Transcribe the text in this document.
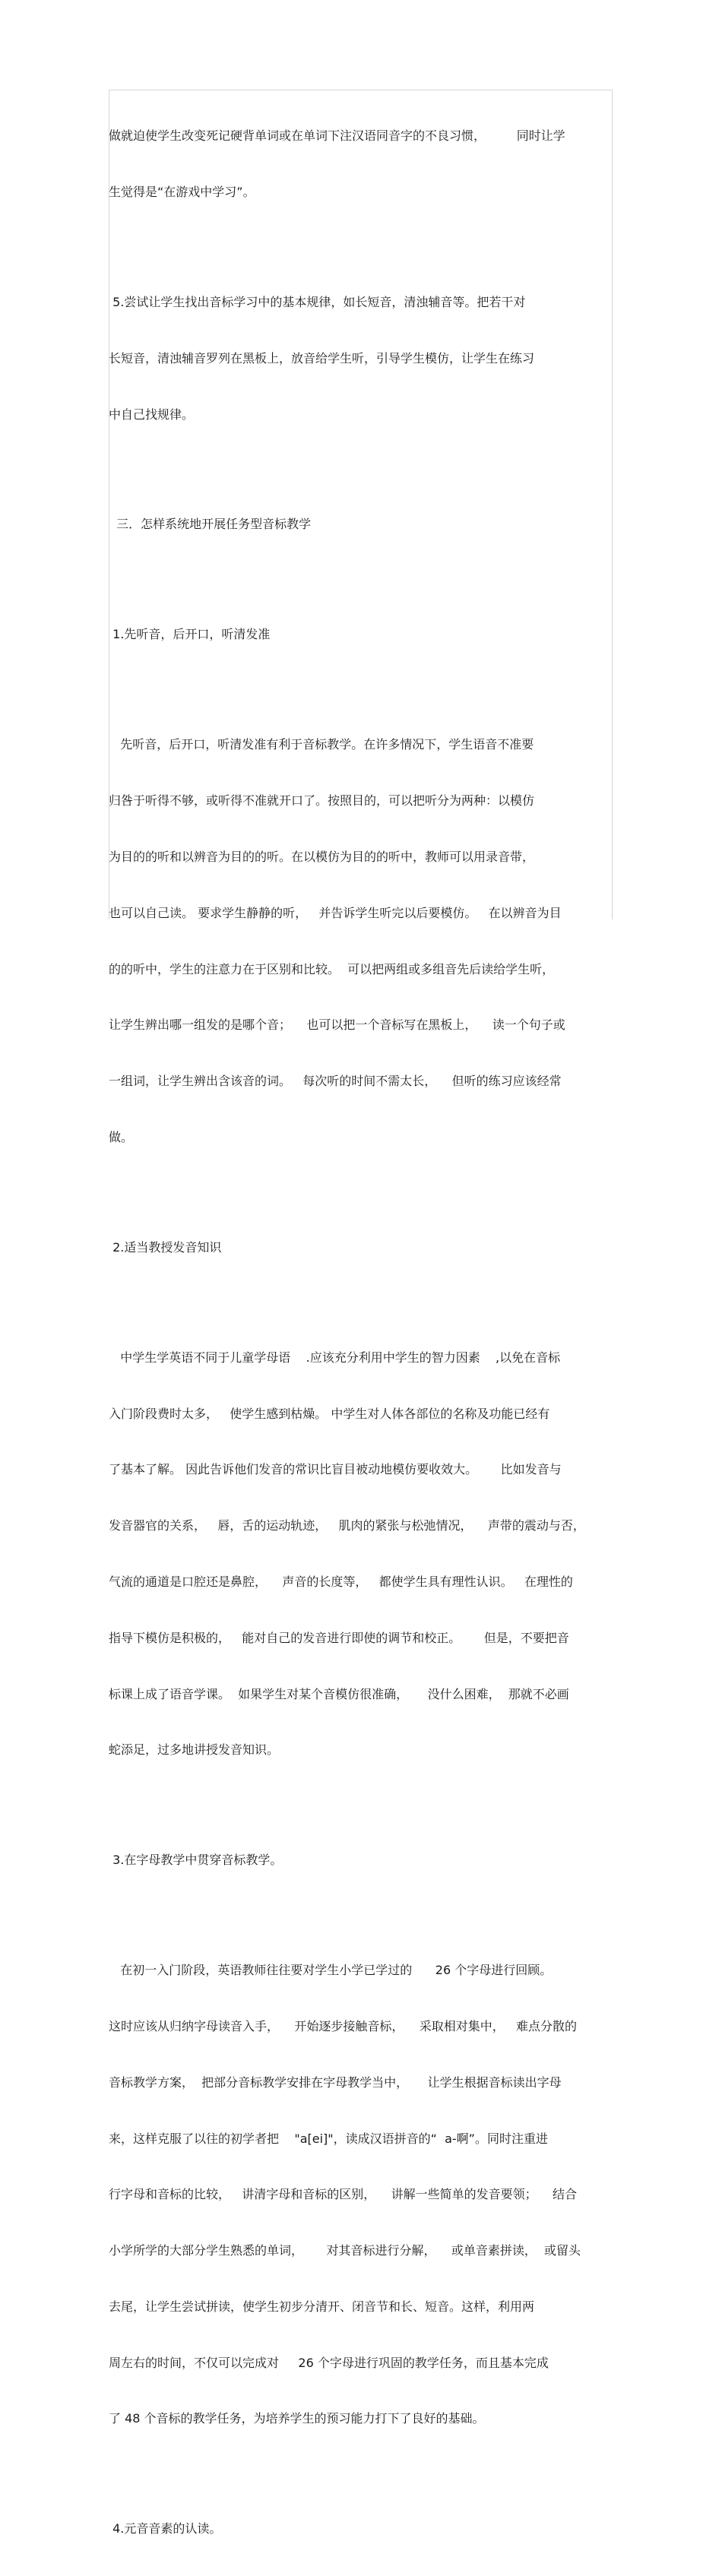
做就迫使学生改变死记硬背单词或在单词下注汉语同音字的不良习惯，        同时让学

生觉得是“在游戏中学习”。

5.尝试让学生找出音标学习中的基本规律，如长短音，清浊辅音等。把若干对

长短音，清浊辅音罗列在黑板上，放音给学生听，引导学生模仿，让学生在练习

中自己找规律。

三．怎样系统地开展任务型音标教学

1.先听音，后开口，听清发准

先听音，后开口，听清发准有利于音标教学。在许多情况下，学生语音不准要

归咎于听得不够，或听得不准就开口了。按照目的，可以把听分为两种：以模仿

为目的的听和以辨音为目的的听。在以模仿为目的的听中，教师可以用录音带，

也可以自己读。 要求学生静静的听，   并告诉学生听完以后要模仿。   在以辨音为目

的的听中，学生的注意力在于区别和比较。  可以把两组或多组音先后读给学生听，

让学生辨出哪一组发的是哪个音；    也可以把一个音标写在黑板上，    读一个句子或

一组词，让学生辨出含该音的词。   每次听的时间不需太长，    但听的练习应该经常

做。

2.适当教授发音知识

中学生学英语不同于儿童学母语    .应该充分利用中学生的智力因素    ,以免在音标

入门阶段费时太多，   使学生感到枯燥。 中学生对人体各部位的名称及功能已经有

了基本了解。 因此告诉他们发音的常识比盲目被动地模仿要收效大。      比如发音与

发音器官的关系，   唇，舌的运动轨迹，   肌肉的紧张与松弛情况，    声带的震动与否，

气流的通道是口腔还是鼻腔，    声音的长度等，   都使学生具有理性认识。   在理性的

指导下模仿是积极的，   能对自己的发音进行即使的调节和校正。      但是，不要把音

标课上成了语音学课。  如果学生对某个音模仿很准确，     没什么困难，  那就不必画

蛇添足，过多地讲授发音知识。

3.在字母教学中贯穿音标教学。

在初一入门阶段，英语教师往往要对学生小学已学过的      26 个字母进行回顾。

这时应该从归纳字母读音入手，    开始逐步接触音标，    采取相对集中，   难点分散的

音标教学方案，  把部分音标教学安排在字母教学当中，     让学生根据音标读出字母

来，这样克服了以往的初学者把    "a[ei]"，读成汉语拼音的“  a-啊”。同时注重进

行字母和音标的比较，   讲清字母和音标的区别，    讲解一些简单的发音要领；    结合

小学所学的大部分学生熟悉的单词，      对其音标进行分解，    或单音素拼读，  或留头

去尾，让学生尝试拼读，使学生初步分清开、闭音节和长、短音。这样，利用两

周左右的时间，不仅可以完成对     26 个字母进行巩固的教学任务，而且基本完成

了 48 个音标的教学任务，为培养学生的预习能力打下了良好的基础。

4.元音音素的认读。
